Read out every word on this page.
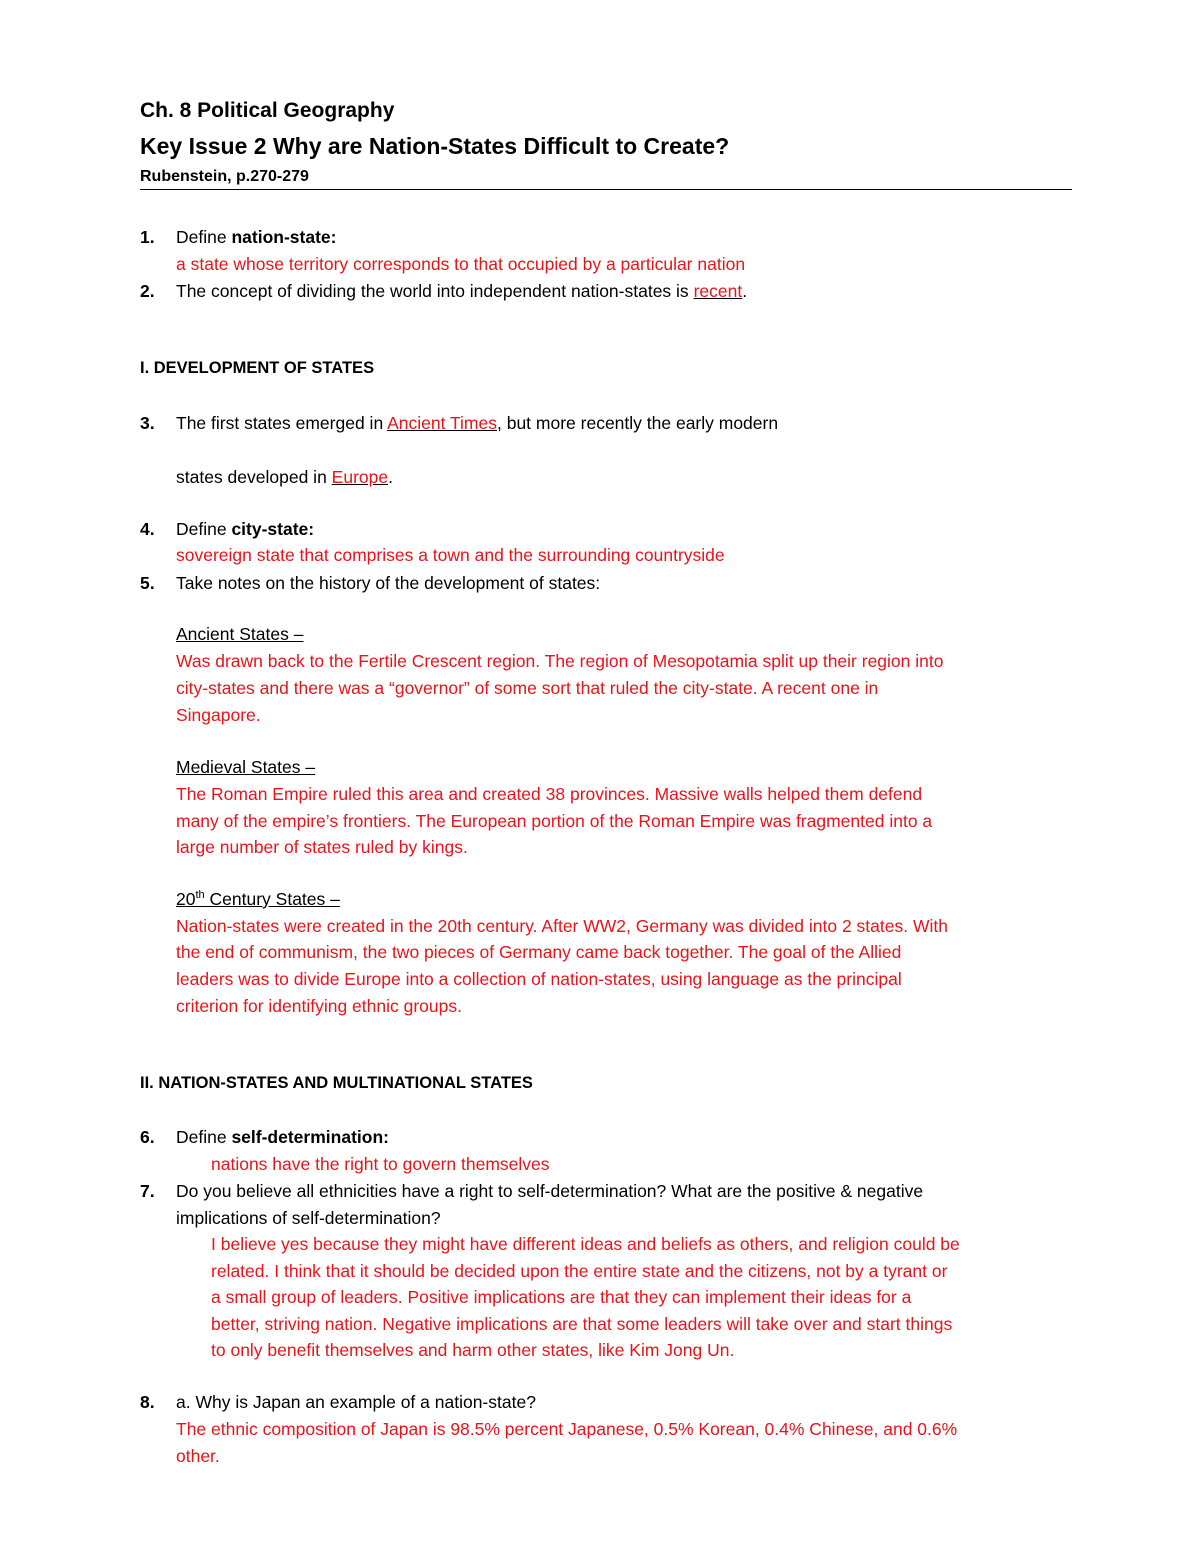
Ch. 8 Political Geography
Key Issue 2 Why are Nation-States Difficult to Create?
Rubenstein, p.270-279
1.	Define nation-state:
a state whose territory corresponds to that occupied by a particular nation
2.	The concept of dividing the world into independent nation-states is recent.
I. DEVELOPMENT OF STATES
3.	The first states emerged in Ancient Times, but more recently the early modern
states developed in Europe.
4.	Define city-state:
sovereign state that comprises a town and the surrounding countryside
5.	Take notes on the history of the development of states:
Ancient States –
Was drawn back to the Fertile Crescent region. The region of Mesopotamia split up their region into
city-states and there was a “governor” of some sort that ruled the city-state. A recent one in
Singapore.
Medieval States –
The Roman Empire ruled this area and created 38 provinces. Massive walls helped them defend
many of the empire’s frontiers. The European portion of the Roman Empire was fragmented into a
large number of states ruled by kings.
20th Century States –
Nation-states were created in the 20th century. After WW2, Germany was divided into 2 states. With
the end of communism, the two pieces of Germany came back together. The goal of the Allied
leaders was to divide Europe into a collection of nation-states, using language as the principal
criterion for identifying ethnic groups.
II. NATION-STATES AND MULTINATIONAL STATES
6.	Define self-determination:
nations have the right to govern themselves
7.	Do you believe all ethnicities have a right to self-determination? What are the positive & negative
implications of self-determination?
I believe yes because they might have different ideas and beliefs as others, and religion could be
related. I think that it should be decided upon the entire state and the citizens, not by a tyrant or
a small group of leaders. Positive implications are that they can implement their ideas for a
better, striving nation. Negative implications are that some leaders will take over and start things
to only benefit themselves and harm other states, like Kim Jong Un.
8.	a. Why is Japan an example of a nation-state?
The ethnic composition of Japan is 98.5% percent Japanese, 0.5% Korean, 0.4% Chinese, and 0.6%
other.
